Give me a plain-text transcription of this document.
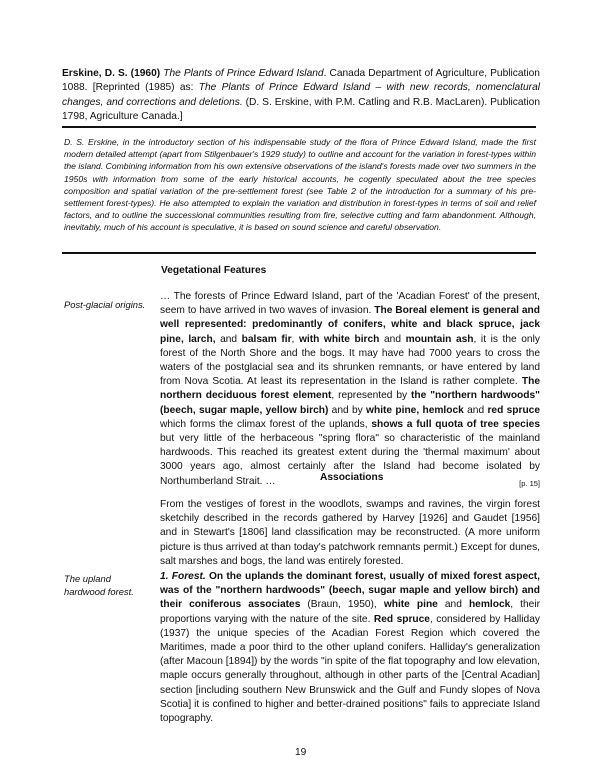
Erskine, D. S. (1960) The Plants of Prince Edward Island. Canada Department of Agriculture, Publication 1088. [Reprinted (1985) as: The Plants of Prince Edward Island – with new records, nomenclatural changes, and corrections and deletions. (D. S. Erskine, with P.M. Catling and R.B. MacLaren). Publication 1798, Agriculture Canada.]
D. S. Erskine, in the introductory section of his indispensable study of the flora of Prince Edward Island, made the first modern detailed attempt (apart from Stilgenbauer's 1929 study) to outline and account for the variation in forest-types within the island. Combining information from his own extensive observations of the island's forests made over two summers in the 1950s with information from some of the early historical accounts, he cogently speculated about the tree species composition and spatial variation of the pre-settlement forest (see Table 2 of the introduction for a summary of his pre-settlement forest-types). He also attempted to explain the variation and distribution in forest-types in terms of soil and relief factors, and to outline the successional communities resulting from fire, selective cutting and farm abandonment. Although, inevitably, much of his account is speculative, it is based on sound science and careful observation.
Vegetational Features
Post-glacial origins.
… The forests of Prince Edward Island, part of the 'Acadian Forest' of the present, seem to have arrived in two waves of invasion. The Boreal element is general and well represented: predominantly of conifers, white and black spruce, jack pine, larch, and balsam fir, with white birch and mountain ash, it is the only forest of the North Shore and the bogs. It may have had 7000 years to cross the waters of the postglacial sea and its shrunken remnants, or have entered by land from Nova Scotia. At least its representation in the Island is rather complete. The northern deciduous forest element, represented by the "northern hardwoods" (beech, sugar maple, yellow birch) and by white pine, hemlock and red spruce which forms the climax forest of the uplands, shows a full quota of tree species but very little of the herbaceous "spring flora" so characteristic of the mainland hardwoods. This reached its greatest extent during the 'thermal maximum' about 3000 years ago, almost certainly after the Island had become isolated by Northumberland Strait. …	[p. 15]
Associations
From the vestiges of forest in the woodlots, swamps and ravines, the virgin forest sketchily described in the records gathered by Harvey [1926] and Gaudet [1956] and in Stewart's [1806] land classification may be reconstructed. (A more uniform picture is thus arrived at than today's patchwork remnants permit.) Except for dunes, salt marshes and bogs, the land was entirely forested.
The upland hardwood forest.
1. Forest. On the uplands the dominant forest, usually of mixed forest aspect, was of the "northern hardwoods" (beech, sugar maple and yellow birch) and their coniferous associates (Braun, 1950), white pine and hemlock, their proportions varying with the nature of the site. Red spruce, considered by Halliday (1937) the unique species of the Acadian Forest Region which covered the Maritimes, made a poor third to the other upland conifers. Halliday's generalization (after Macoun [1894]) by the words "in spite of the flat topography and low elevation, maple occurs generally throughout, although in other parts of the [Central Acadian] section [including southern New Brunswick and the Gulf and Fundy slopes of Nova Scotia] it is confined to higher and better-drained positions" fails to appreciate Island topography.
19
